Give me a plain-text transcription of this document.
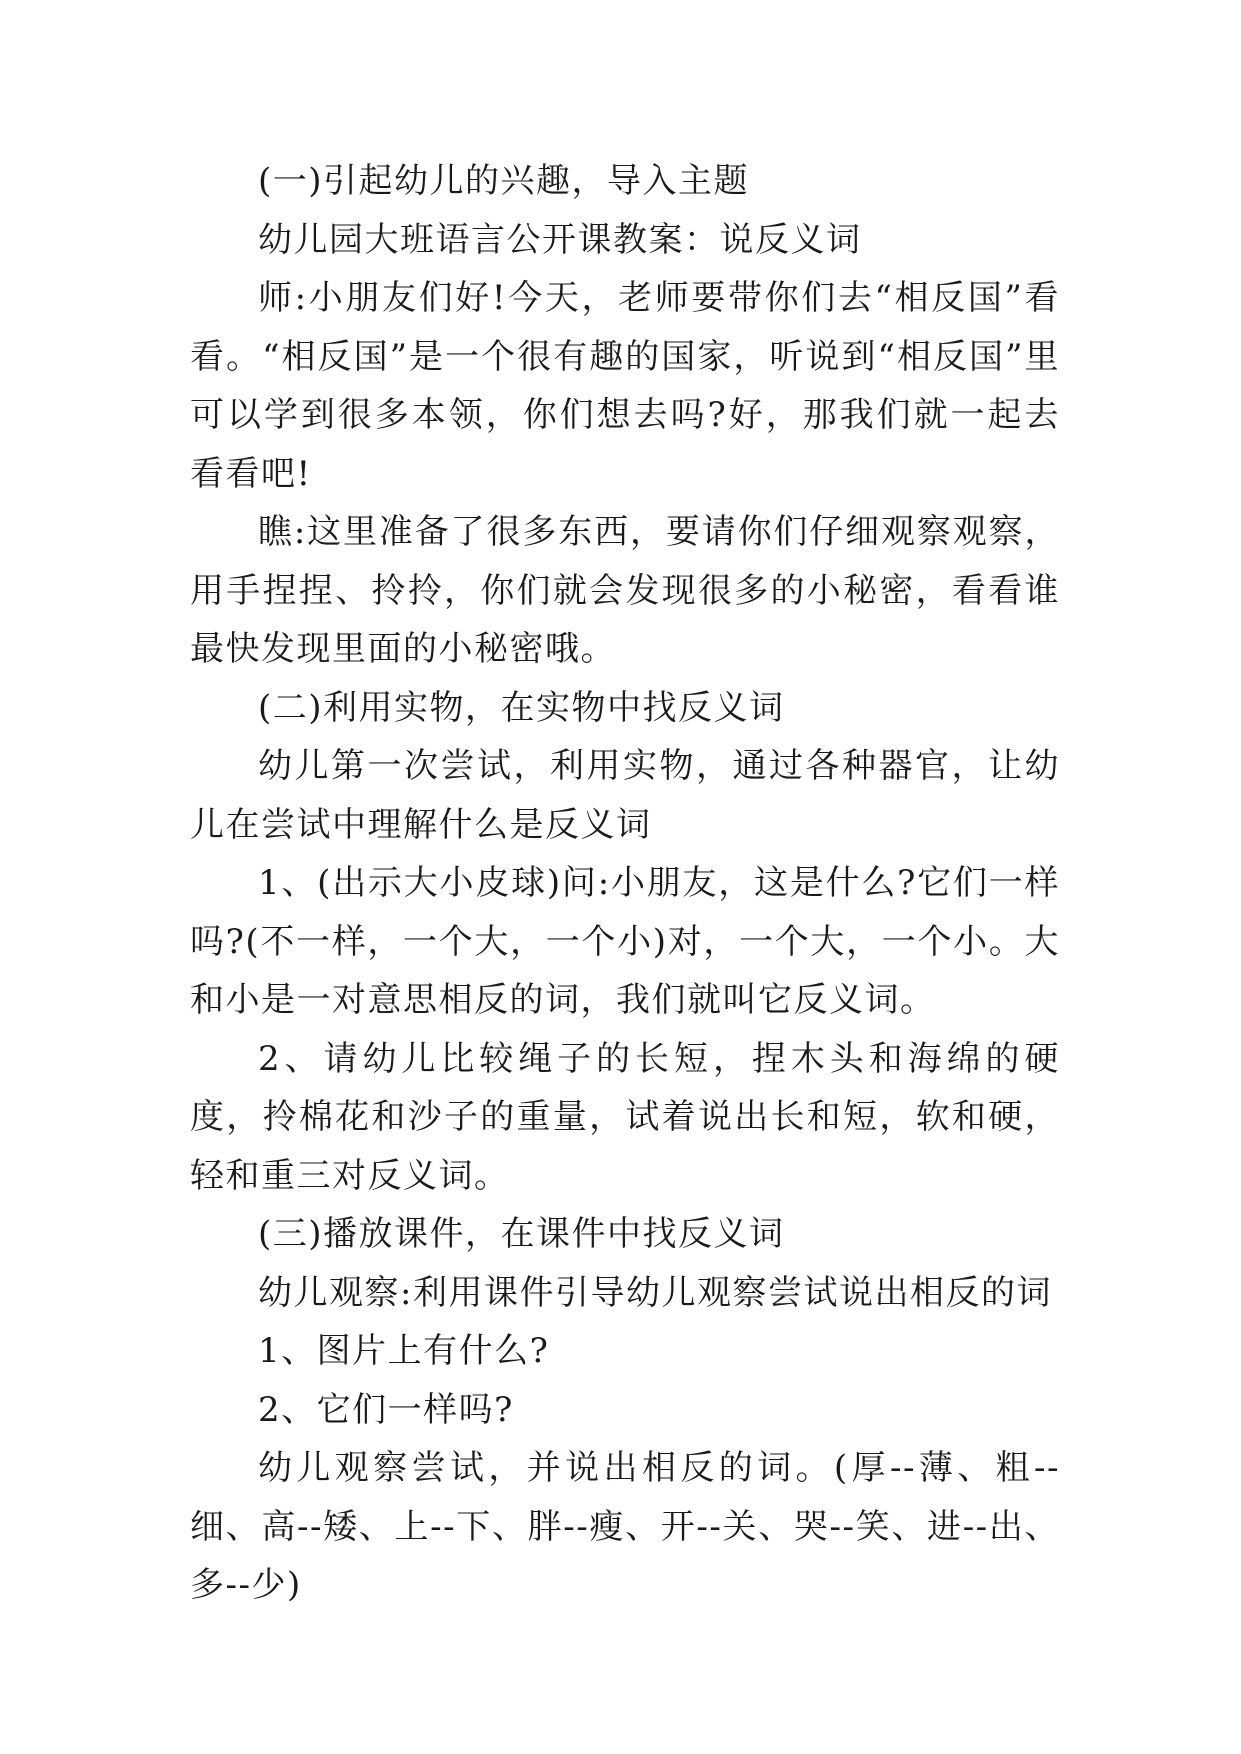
(一)引起幼儿的兴趣，导入主题

幼儿园大班语言公开课教案：说反义词

师:小朋友们好!今天，老师要带你们去“相反国”看看。“相反国”是一个很有趣的国家，听说到“相反国”里可以学到很多本领，你们想去吗?好，那我们就一起去看看吧!

瞧:这里准备了很多东西，要请你们仔细观察观察，用手捏捏、拎拎，你们就会发现很多的小秘密，看看谁最快发现里面的小秘密哦。

(二)利用实物，在实物中找反义词

幼儿第一次尝试，利用实物，通过各种器官，让幼儿在尝试中理解什么是反义词

1、(出示大小皮球)问:小朋友，这是什么?它们一样吗?(不一样，一个大，一个小)对，一个大，一个小。大和小是一对意思相反的词，我们就叫它反义词。

2、请幼儿比较绳子的长短，捏木头和海绵的硬度，拎棉花和沙子的重量，试着说出长和短，软和硬，轻和重三对反义词。

(三)播放课件，在课件中找反义词

幼儿观察:利用课件引导幼儿观察尝试说出相反的词

1、图片上有什么?

2、它们一样吗?

幼儿观察尝试，并说出相反的词。(厚--薄、粗--细、高--矮、上--下、胖--瘦、开--关、哭--笑、进--出、多--少)
